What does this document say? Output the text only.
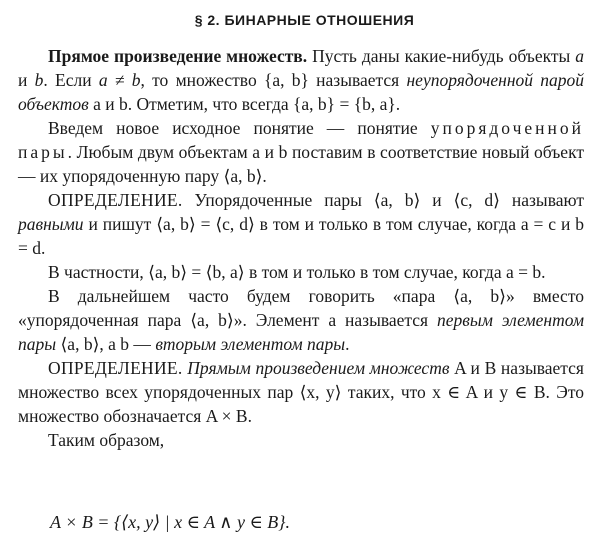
§ 2. БИНАРНЫЕ ОТНОШЕНИЯ

Прямое произведение множеств. Пусть даны какие-нибудь объекты a и b. Если a ≠ b, то множество {a, b} называется неупорядоченной парой объектов a и b. Отметим, что всегда {a, b} = {b, a}.

Введем новое исходное понятие — понятие упорядоченной пары. Любым двум объектам a и b поставим в соответствие новый объект — их упорядоченную пару ⟨a, b⟩.

ОПРЕДЕЛЕНИЕ. Упорядоченные пары ⟨a, b⟩ и ⟨c, d⟩ называют равными и пишут ⟨a, b⟩ = ⟨c, d⟩ в том и только в том случае, когда a = c и b = d.

В частности, ⟨a, b⟩ = ⟨b, a⟩ в том и только в том случае, когда a = b.

В дальнейшем часто будем говорить «пара ⟨a, b⟩» вместо «упорядоченная пара ⟨a, b⟩». Элемент a называется первым элементом пары ⟨a, b⟩, а b — вторым элементом пары.

ОПРЕДЕЛЕНИЕ. Прямым произведением множеств A и B называется множество всех упорядоченных пар ⟨x, y⟩ таких, что x ∈ A и y ∈ B. Это множество обозначается A × B.

Таким образом,

A × B = {⟨x, y⟩ | x ∈ A ∧ y ∈ B}.
